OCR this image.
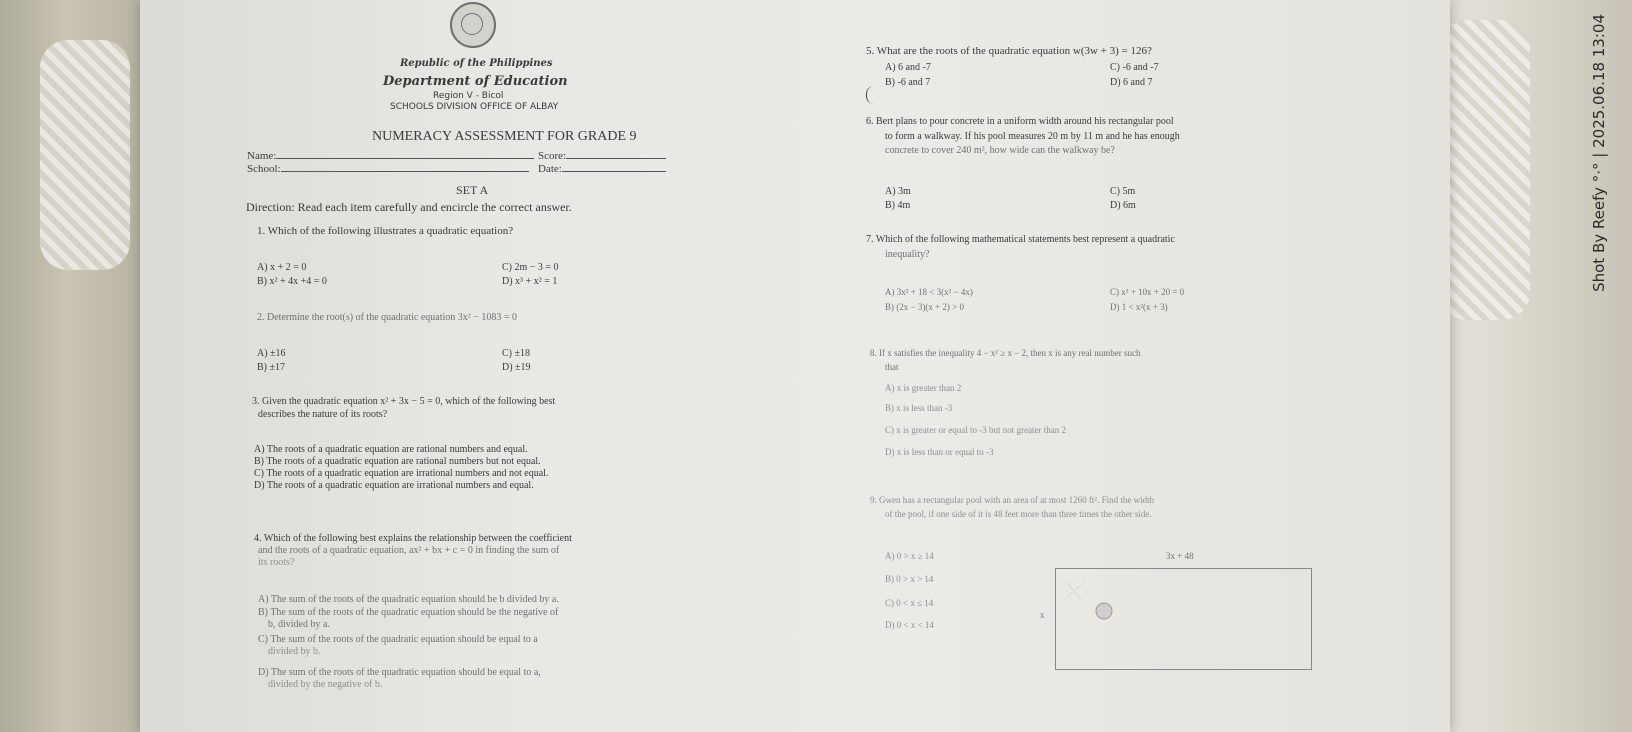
Republic of the Philippines
Department of Education
Region V - Bicol
SCHOOLS DIVISION OFFICE OF ALBAY
NUMERACY ASSESSMENT FOR GRADE 9
Name:	Score:
School:	Date:
SET A
Direction: Read each item carefully and encircle the correct answer.
1. Which of the following illustrates a quadratic equation?
A) x + 2 = 0
B) x² + 4x +4 = 0
C) 2m − 3 = 0
D) x³ + x² = 1
2. Determine the root(s) of the quadratic equation 3x² − 1083 = 0
A) ±16
B) ±17
C) ±18
D) ±19
3. Given the quadratic equation x² + 3x − 5 = 0, which of the following best
describes the nature of its roots?
A) The roots of a quadratic equation are rational numbers and equal.
B) The roots of a quadratic equation are rational numbers but not equal.
C) The roots of a quadratic equation are irrational numbers and not equal.
D) The roots of a quadratic equation are irrational numbers and equal.
4. Which of the following best explains the relationship between the coefficient
and the roots of a quadratic equation, ax² + bx + c = 0 in finding the sum of
its roots?
A) The sum of the roots of the quadratic equation should be b divided by a.
B) The sum of the roots of the quadratic equation should be the negative of
b, divided by a.
C) The sum of the roots of the quadratic equation should be equal to a
divided by b.
D) The sum of the roots of the quadratic equation should be equal to a,
divided by the negative of b.
5. What are the roots of the quadratic equation w(3w + 3) = 126?
A) 6 and -7
B) -6 and 7
C) -6 and -7
D) 6 and 7
6. Bert plans to pour concrete in a uniform width around his rectangular pool
to form a walkway. If his pool measures 20 m by 11 m and he has enough
concrete to cover 240 m², how wide can the walkway be?
A) 3m
B) 4m
C) 5m
D) 6m
7. Which of the following mathematical statements best represent a quadratic
inequality?
A) 3x² + 18 < 3(x² − 4x)
B) (2x − 3)(x + 2) > 0
C) x² + 10x + 20 = 0
D) 1 < x²(x + 3)
8. If x satisfies the inequality 4 − x² ≥ x − 2, then x is any real number such
that
A) x is greater than 2
B) x is less than -3
C) x is greater or equal to -3 but not greater than 2
D) x is less than or equal to -3
9. Gwen has a rectangular pool with an area of at most 1260 ft². Find the width
of the pool, if one side of it is 48 feet more than three times the other side.
A) 0 > x ≥ 14
B) 0 > x > 14
C) 0 < x ≤ 14
D) 0 < x < 14
3x + 48
x
Shot By Reefy °·° | 2025.06.18 13:04
